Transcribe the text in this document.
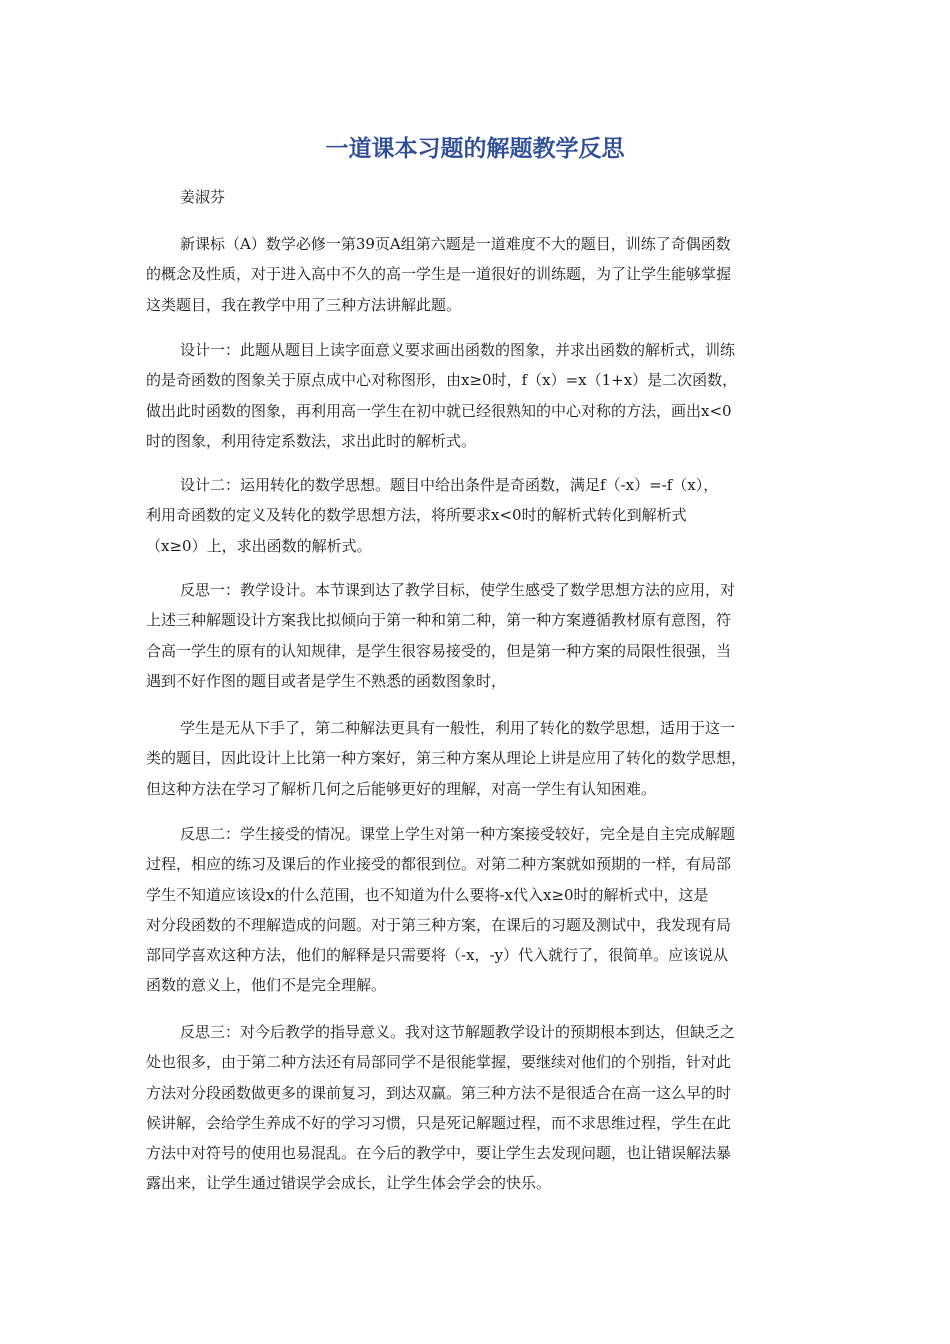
一道课本习题的解题教学反思

姜淑芬

新课标（A）数学必修一第39页A组第六题是一道难度不大的题目，训练了奇偶函数
的概念及性质，对于进入高中不久的高一学生是一道很好的训练题，为了让学生能够掌握
这类题目，我在教学中用了三种方法讲解此题。

设计一：此题从题目上读字面意义要求画出函数的图象，并求出函数的解析式，训练
的是奇函数的图象关于原点成中心对称图形，由x≥0时，f（x）=x（1+x）是二次函数，
做出此时函数的图象，再利用高一学生在初中就已经很熟知的中心对称的方法，画出x<0
时的图象，利用待定系数法，求出此时的解析式。

设计二：运用转化的数学思想。题目中给出条件是奇函数，满足f（-x）=-f（x），
利用奇函数的定义及转化的数学思想方法，将所要求x<0时的解析式转化到解析式
（x≥0）上，求出函数的解析式。

反思一：教学设计。本节课到达了教学目标，使学生感受了数学思想方法的应用，对
上述三种解题设计方案我比拟倾向于第一种和第二种，第一种方案遵循教材原有意图，符
合高一学生的原有的认知规律，是学生很容易接受的，但是第一种方案的局限性很强，当
遇到不好作图的题目或者是学生不熟悉的函数图象时，

学生是无从下手了，第二种解法更具有一般性，利用了转化的数学思想，适用于这一
类的题目，因此设计上比第一种方案好，第三种方案从理论上讲是应用了转化的数学思想，
但这种方法在学习了解析几何之后能够更好的理解，对高一学生有认知困难。

反思二：学生接受的情况。课堂上学生对第一种方案接受较好，完全是自主完成解题
过程，相应的练习及课后的作业接受的都很到位。对第二种方案就如预期的一样，有局部
学生不知道应该设x的什么范围，也不知道为什么要将-x代入x≥0时的解析式中，这是
对分段函数的不理解造成的问题。对于第三种方案，在课后的习题及测试中，我发现有局
部同学喜欢这种方法，他们的解释是只需要将（-x，-y）代入就行了，很简单。应该说从
函数的意义上，他们不是完全理解。

反思三：对今后教学的指导意义。我对这节解题教学设计的预期根本到达，但缺乏之
处也很多，由于第二种方法还有局部同学不是很能掌握，要继续对他们的个别指，针对此
方法对分段函数做更多的课前复习，到达双赢。第三种方法不是很适合在高一这么早的时
候讲解，会给学生养成不好的学习习惯，只是死记解题过程，而不求思维过程，学生在此
方法中对符号的使用也易混乱。在今后的教学中，要让学生去发现问题，也让错误解法暴
露出来，让学生通过错误学会成长，让学生体会学会的快乐。
